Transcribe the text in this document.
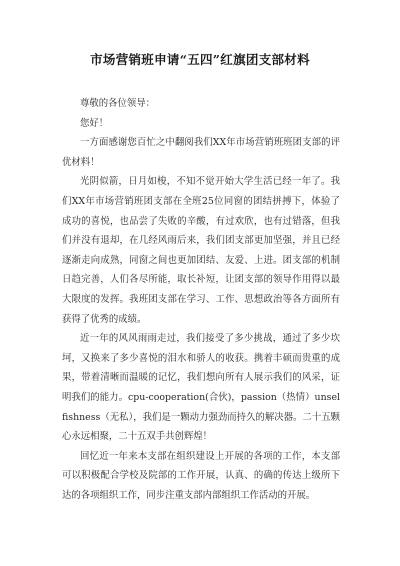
市场营销班申请“五四”红旗团支部材料

尊敬的各位领导：

您好！

一方面感谢您百忙之中翻阅我们XX年市场营销班班团支部的评优材料！

光阴似箭，日月如梭，不知不觉开始大学生活已经一年了。我们XX年市场营销班团支部在全班25位同窗的团结拼搏下，体验了成功的喜悦，也品尝了失败的辛酸，有过欢欣，也有过错落，但我们并没有退却，在几经风雨后来，我们团支部更加坚强，并且已经逐渐走向成熟，同窗之间也更加团结、友爱、上进。团支部的机制日趋完善，人们各尽所能，取长补短，让团支部的领导作用得以最大限度的发挥。我班团支部在学习、工作、思想政治等各方面所有获得了优秀的成绩。

近一年的风风雨雨走过，我们接受了多少挑战，通过了多少坎坷，又换来了多少喜悦的泪水和骄人的收获。携着丰硕而贵重的成果，带着清晰而温暖的记忆，我们想向所有人展示我们的风采，证明我们的能力。cpu-cooperation(合伙)，passion（热情）unselfishness（无私），我们是一颗动力强劲而持久的解决器。二十五颗心永远相聚，二十五双手共创辉煌！

回忆近一年来本支部在组织建设上开展的各项的工作，本支部可以积极配合学校及院部的工作开展，认真、的确的传达上级所下达的各项组织工作，同步注重支部内部组织工作活动的开展。
